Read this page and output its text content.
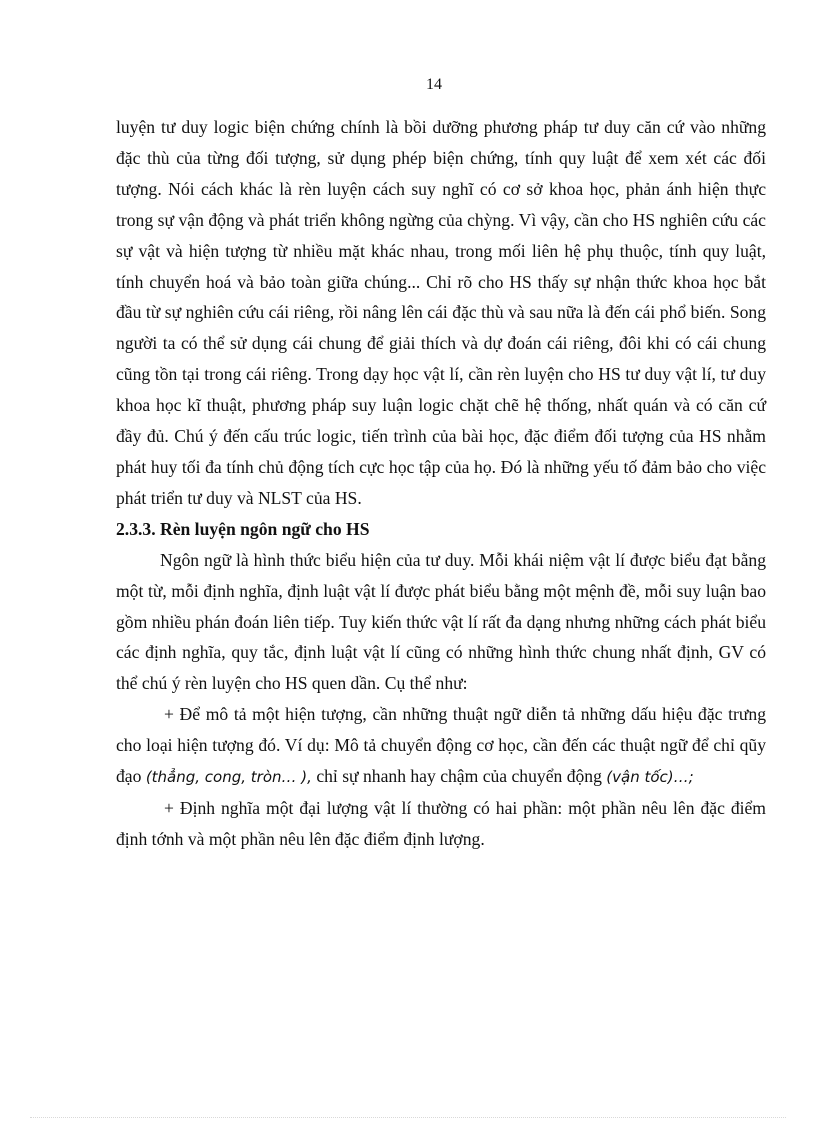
14

luyện tư duy logic biện chứng chính là bồi dưỡng phương pháp tư duy căn cứ vào những đặc thù của từng đối tượng, sử dụng phép biện chứng, tính quy luật để xem xét các đối tượng. Nói cách khác là rèn luyện cách suy nghĩ có cơ sở khoa học, phản ánh hiện thực trong sự vận động và phát triển không ngừng của chỳng. Vì vậy, cần cho HS nghiên cứu các sự vật và hiện tượng từ nhiều mặt khác nhau, trong mối liên hệ phụ thuộc, tính quy luật, tính chuyển hoá và bảo toàn giữa chúng... Chỉ rõ cho HS thấy sự nhận thức khoa học bắt đầu từ sự nghiên cứu cái riêng, rồi nâng lên cái đặc thù và sau nữa là đến cái phổ biến. Song người ta có thể sử dụng cái chung để giải thích và dự đoán cái riêng, đôi khi có cái chung cũng tồn tại trong cái riêng. Trong dạy học vật lí, cần rèn luyện cho HS tư duy vật lí, tư duy khoa học kĩ thuật, phương pháp suy luận logic chặt chẽ hệ thống, nhất quán và có căn cứ đầy đủ. Chú ý đến cấu trúc logic, tiến trình của bài học, đặc điểm đối tượng của HS nhằm phát huy tối đa tính chủ động tích cực học tập của họ. Đó là những yếu tố đảm bảo cho việc phát triển tư duy và NLST của HS.

2.3.3. Rèn luyện ngôn ngữ cho HS

Ngôn ngữ là hình thức biểu hiện của tư duy. Mỗi khái niệm vật lí được biểu đạt bằng một từ, mỗi định nghĩa, định luật vật lí được phát biểu bằng một mệnh đề, mỗi suy luận bao gồm nhiều phán đoán liên tiếp. Tuy kiến thức vật lí rất đa dạng nhưng những cách phát biểu các định nghĩa, quy tắc, định luật vật lí cũng có những hình thức chung nhất định, GV có thể chú ý rèn luyện cho HS quen dần. Cụ thể như:

+ Để mô tả một hiện tượng, cần những thuật ngữ diễn tả những dấu hiệu đặc trưng cho loại hiện tượng đó. Ví dụ: Mô tả chuyển động cơ học, cần đến các thuật ngữ để chỉ qũy đạo (thẳng, cong, tròn… ), chỉ sự nhanh hay chậm của chuyển động (vận tốc)…;

+ Định nghĩa một đại lượng vật lí thường có hai phần: một phần nêu lên đặc điểm định tớnh và một phần nêu lên đặc điểm định lượng.
